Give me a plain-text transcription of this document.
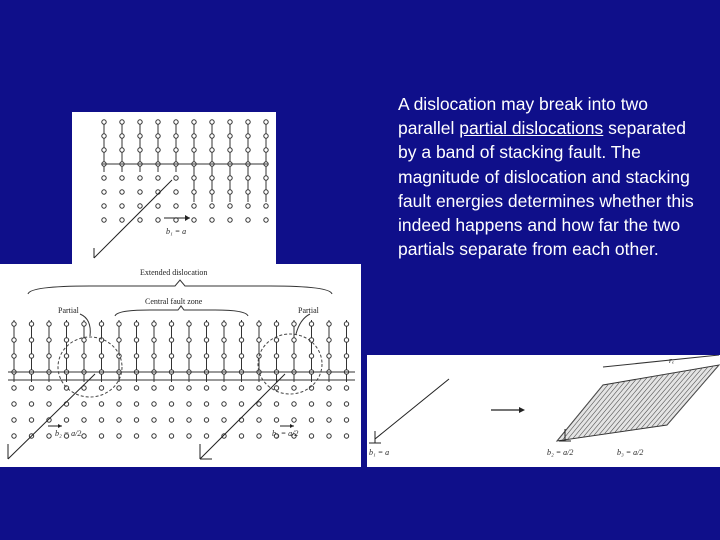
b₁ = a
Extended dislocation
Partial	Partial
Central fault zone
b₂ = a/2	b₃ = a/2
b₁ = a
rₑ
b₂ = a/2	b₃ = a/2
A dislocation may break into two parallel partial dislocations separated by a band of stacking fault. The magnitude of dislocation and stacking fault energies determines whether this indeed happens and how far the two partials separate from each other.
